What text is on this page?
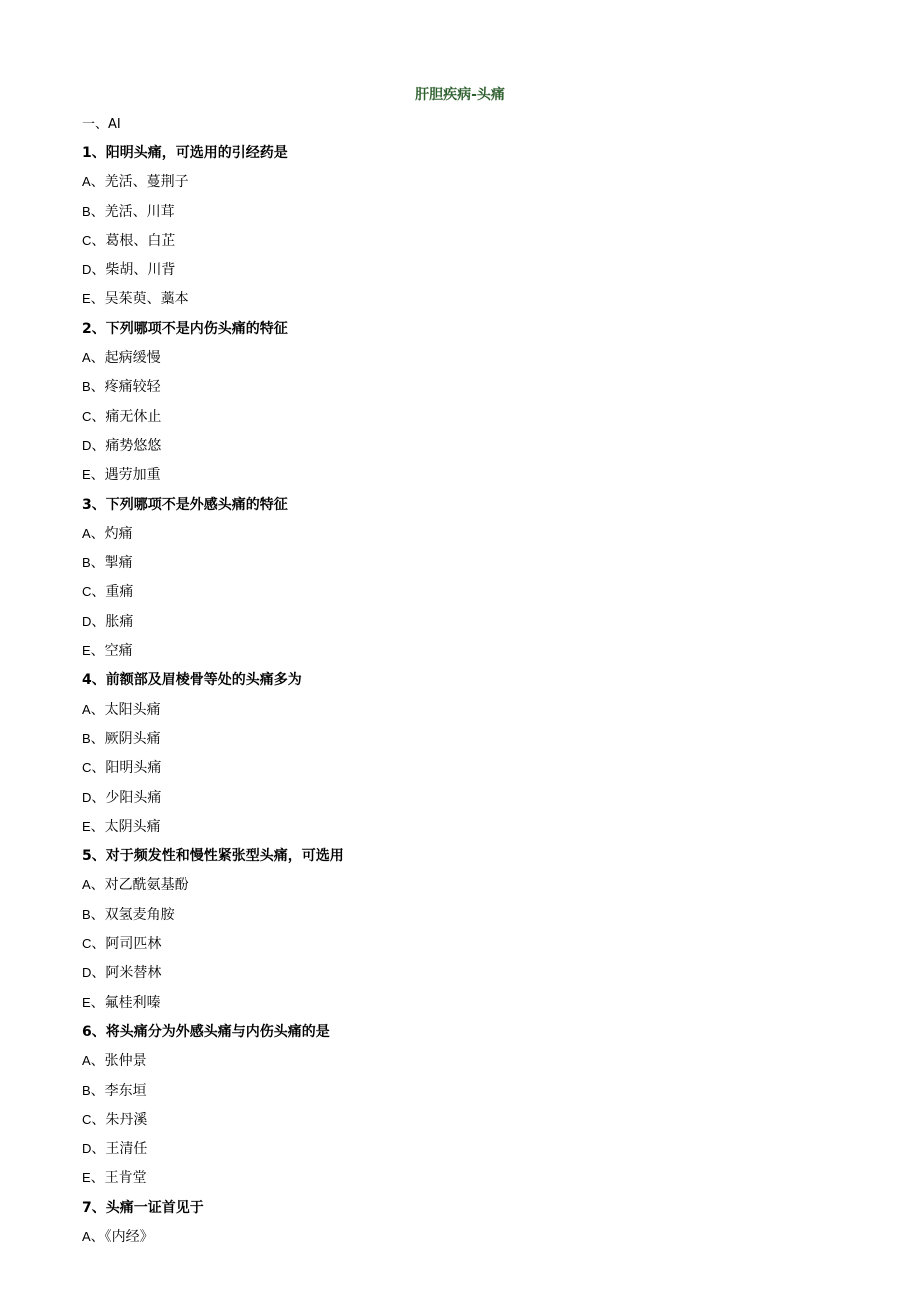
肝胆疾病-头痛
一、AI
1、阳明头痛，可选用的引经药是
A、羌活、蔓荆子
B、羌活、川茸
C、葛根、白芷
D、柴胡、川背
E、吴茱萸、藁本
2、下列哪项不是内伤头痛的特征
A、起病缓慢
B、疼痛较轻
C、痛无休止
D、痛势悠悠
E、遇劳加重
3、下列哪项不是外感头痛的特征
A、灼痛
B、掣痛
C、重痛
D、胀痛
E、空痛
4、前额部及眉棱骨等处的头痛多为
A、太阳头痛
B、厥阴头痛
C、阳明头痛
D、少阳头痛
E、太阴头痛
5、对于频发性和慢性紧张型头痛，可选用
A、对乙酰氨基酚
B、双氢麦角胺
C、阿司匹林
D、阿米替林
E、氟桂利嗪
6、将头痛分为外感头痛与内伤头痛的是
A、张仲景
B、李东垣
C、朱丹溪
D、王清任
E、王肯堂
7、头痛一证首见于
A、《内经》
